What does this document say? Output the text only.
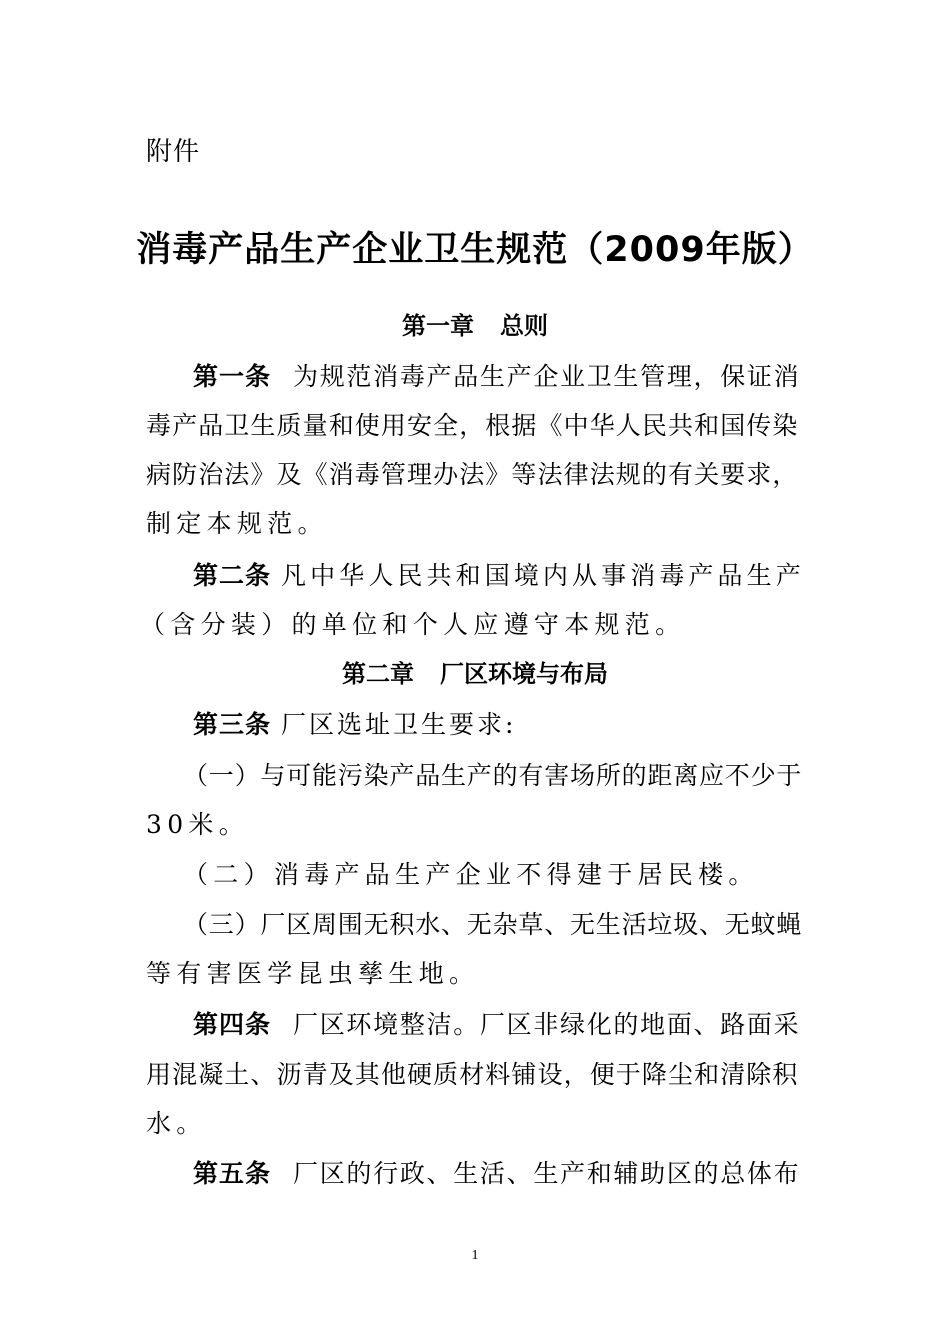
附件
消毒产品生产企业卫生规范（2009年版）
第一章 总则
第一条 为规范消毒产品生产企业卫生管理，保证消
毒产品卫生质量和使用安全，根据《中华人民共和国传染
病防治法》及《消毒管理办法》等法律法规的有关要求，
制定本规范。
第二条 凡中华人民共和国境内从事消毒产品生产
（含分装）的单位和个人应遵守本规范。
第二章 厂区环境与布局
第三条 厂区选址卫生要求:
（一）与可能污染产品生产的有害场所的距离应不少于
30米。
（二）消毒产品生产企业不得建于居民楼。
（三）厂区周围无积水、无杂草、无生活垃圾、无蚊蝇
等有害医学昆虫孳生地。
第四条 厂区环境整洁。厂区非绿化的地面、路面采
用混凝土、沥青及其他硬质材料铺设，便于降尘和清除积
水。
第五条 厂区的行政、生活、生产和辅助区的总体布
1
